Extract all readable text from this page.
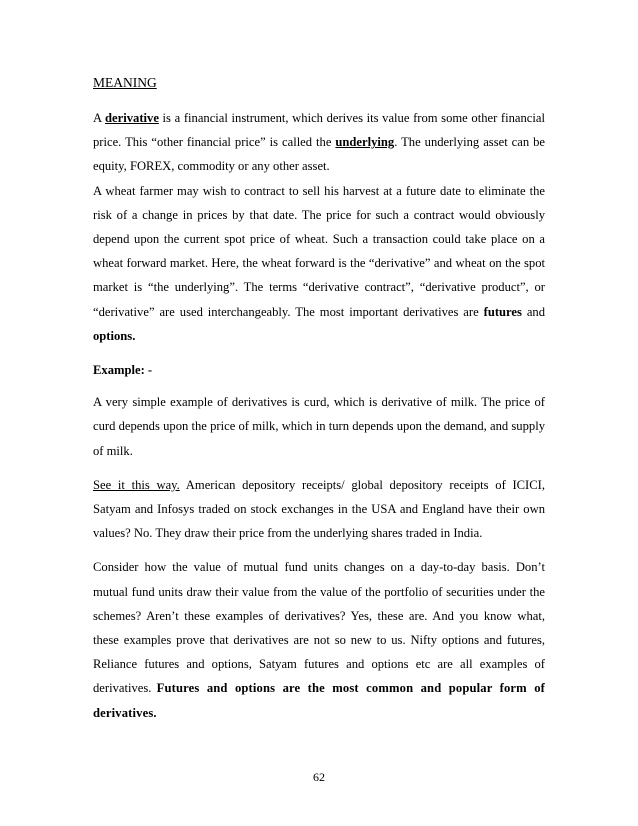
MEANING

A derivative is a financial instrument, which derives its value from some other financial price. This “other financial price” is called the underlying. The underlying asset can be equity, FOREX, commodity or any other asset.

A wheat farmer may wish to contract to sell his harvest at a future date to eliminate the risk of a change in prices by that date. The price for such a contract would obviously depend upon the current spot price of wheat. Such a transaction could take place on a wheat forward market. Here, the wheat forward is the “derivative” and wheat on the spot market is “the underlying”. The terms “derivative contract”, “derivative product”, or “derivative” are used interchangeably. The most important derivatives are futures and options.

Example: -

A very simple example of derivatives is curd, which is derivative of milk. The price of curd depends upon the price of milk, which in turn depends upon the demand, and supply of milk.

See it this way. American depository receipts/ global depository receipts of ICICI, Satyam and Infosys traded on stock exchanges in the USA and England have their own values? No. They draw their price from the underlying shares traded in India.

Consider how the value of mutual fund units changes on a day-to-day basis. Don’t mutual fund units draw their value from the value of the portfolio of securities under the schemes? Aren’t these examples of derivatives? Yes, these are. And you know what, these examples prove that derivatives are not so new to us. Nifty options and futures, Reliance futures and options, Satyam futures and options etc are all examples of derivatives. Futures and options are the most common and popular form of derivatives.

62
